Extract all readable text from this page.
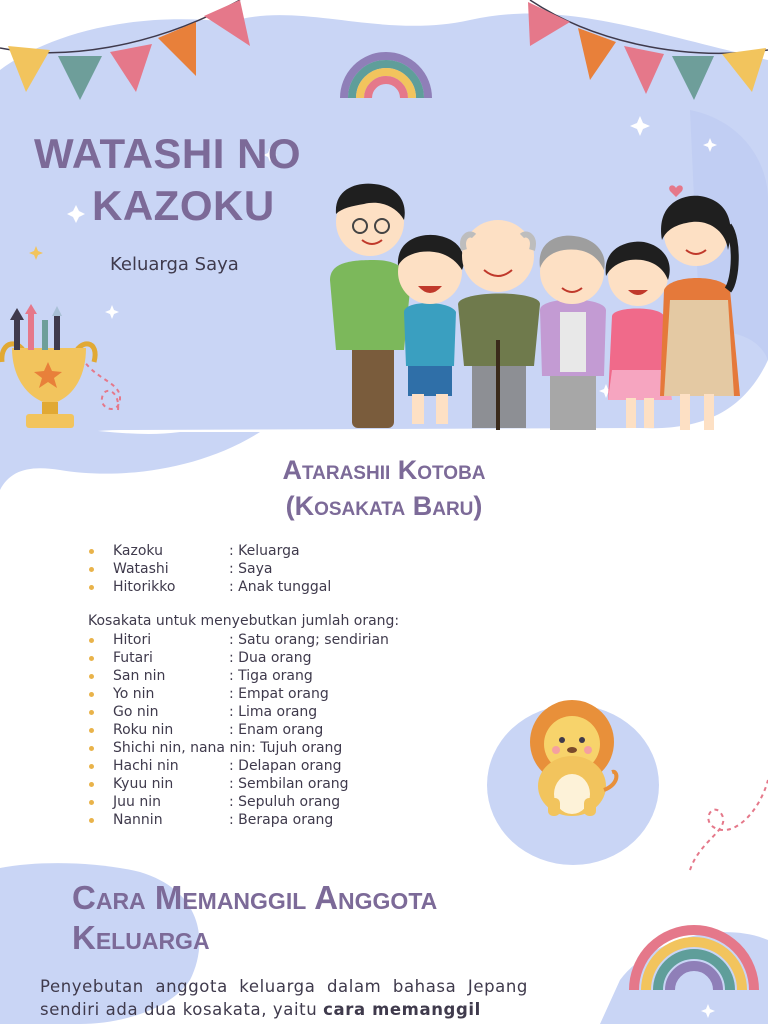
WATASHI NO
KAZOKU
Keluarga Saya
Atarashii Kotoba
(Kosakata Baru)
Kazoku	: Keluarga
Watashi	: Saya
Hitorikko	: Anak tunggal
Kosakata untuk menyebutkan jumlah orang:
Hitori	: Satu orang; sendirian
Futari	: Dua orang
San nin	: Tiga orang
Yo nin	: Empat orang
Go nin	: Lima orang
Roku nin	: Enam orang
Shichi nin, nana nin: Tujuh orang
Hachi nin	: Delapan orang
Kyuu nin	: Sembilan orang
Juu nin	: Sepuluh orang
Nannin	: Berapa orang
Cara Memanggil Anggota
Keluarga
Penyebutan anggota keluarga dalam bahasa Jepang sendiri ada dua kosakata, yaitu cara memanggil
